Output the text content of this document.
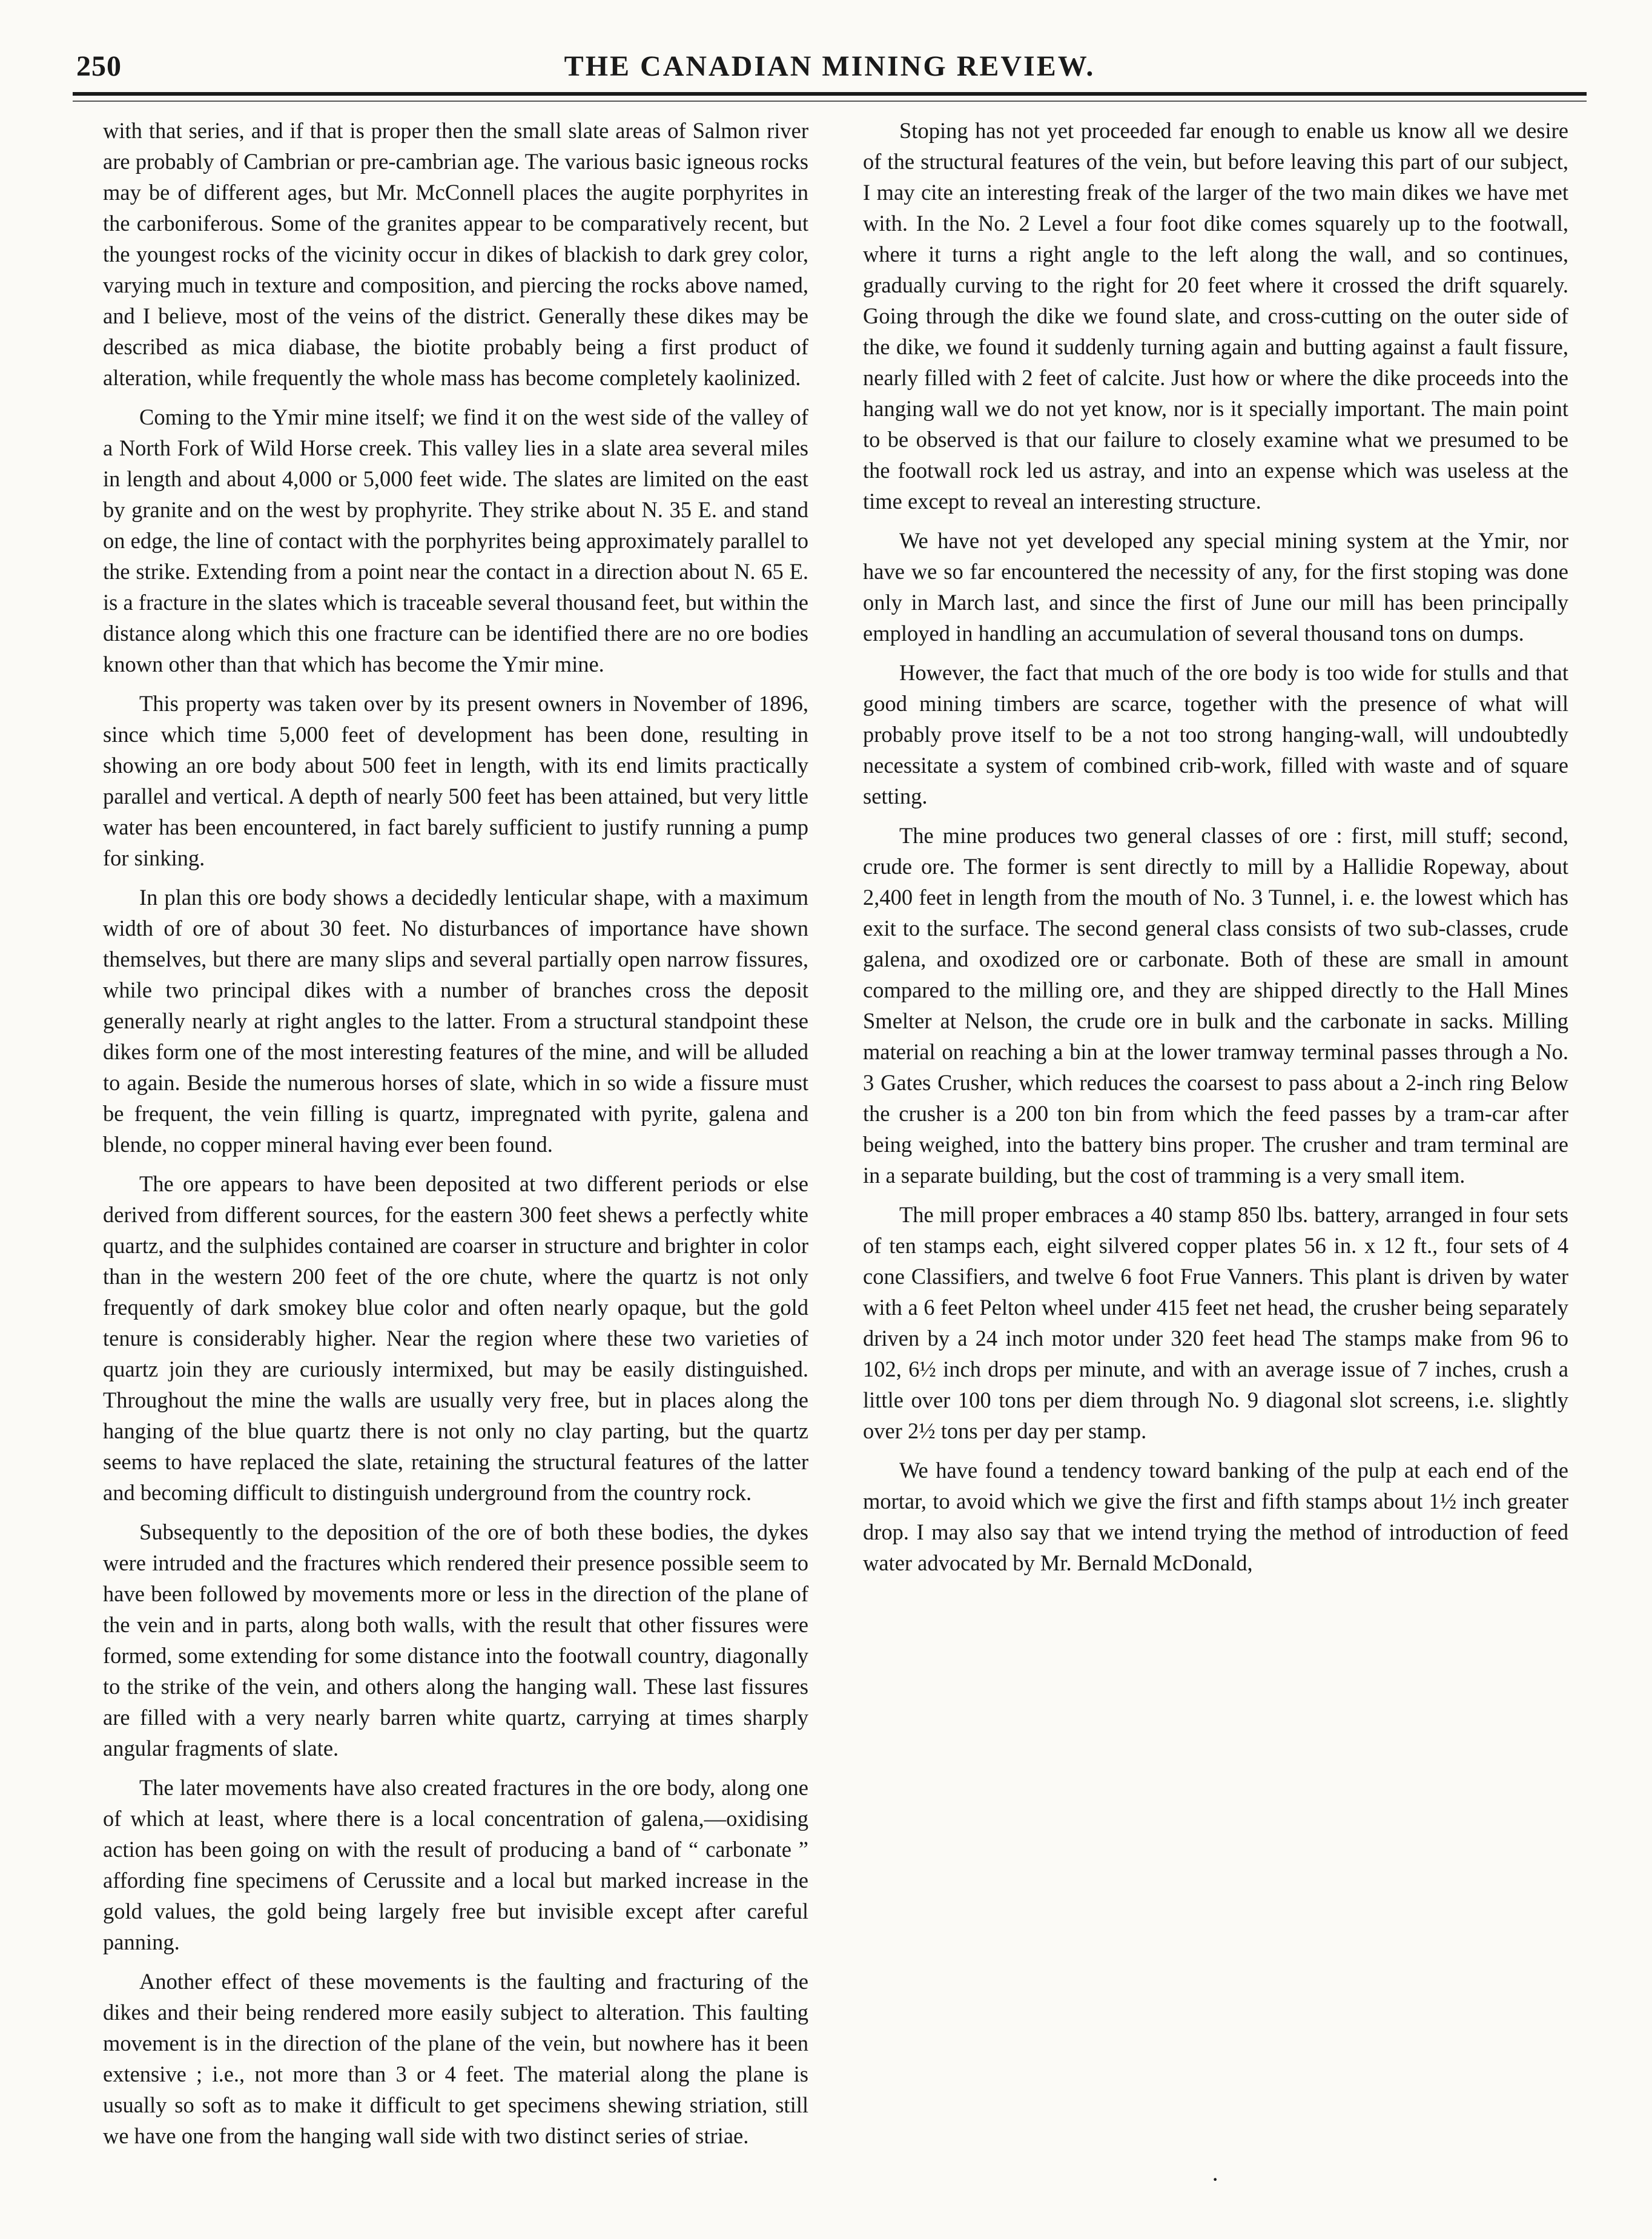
250	THE CANADIAN MINING REVIEW.

with that series, and if that is proper then the small slate areas of Salmon river are probably of Cambrian or pre-cambrian age. The various basic igneous rocks may be of different ages, but Mr. McConnell places the augite porphyrites in the carboniferous. Some of the granites appear to be comparatively recent, but the youngest rocks of the vicinity occur in dikes of blackish to dark grey color, varying much in texture and composition, and piercing the rocks above named, and I believe, most of the veins of the district. Generally these dikes may be described as mica diabase, the biotite probably being a first product of alteration, while frequently the whole mass has become completely kaolinized.

Coming to the Ymir mine itself; we find it on the west side of the valley of a North Fork of Wild Horse creek. This valley lies in a slate area several miles in length and about 4,000 or 5,000 feet wide. The slates are limited on the east by granite and on the west by prophyrite. They strike about N. 35 E. and stand on edge, the line of contact with the porphyrites being approximately parallel to the strike. Extending from a point near the contact in a direction about N. 65 E. is a fracture in the slates which is traceable several thousand feet, but within the distance along which this one fracture can be identified there are no ore bodies known other than that which has become the Ymir mine.

This property was taken over by its present owners in November of 1896, since which time 5,000 feet of development has been done, resulting in showing an ore body about 500 feet in length, with its end limits practically parallel and vertical. A depth of nearly 500 feet has been attained, but very little water has been encountered, in fact barely sufficient to justify running a pump for sinking.

In plan this ore body shows a decidedly lenticular shape, with a maximum width of ore of about 30 feet. No disturbances of importance have shown themselves, but there are many slips and several partially open narrow fissures, while two principal dikes with a number of branches cross the deposit generally nearly at right angles to the latter. From a structural standpoint these dikes form one of the most interesting features of the mine, and will be alluded to again. Beside the numerous horses of slate, which in so wide a fissure must be frequent, the vein filling is quartz, impregnated with pyrite, galena and blende, no copper mineral having ever been found.

The ore appears to have been deposited at two different periods or else derived from different sources, for the eastern 300 feet shews a perfectly white quartz, and the sulphides contained are coarser in structure and brighter in color than in the western 200 feet of the ore chute, where the quartz is not only frequently of dark smokey blue color and often nearly opaque, but the gold tenure is considerably higher. Near the region where these two varieties of quartz join they are curiously intermixed, but may be easily distinguished. Throughout the mine the walls are usually very free, but in places along the hanging of the blue quartz there is not only no clay parting, but the quartz seems to have replaced the slate, retaining the structural features of the latter and becoming difficult to distinguish underground from the country rock.

Subsequently to the deposition of the ore of both these bodies, the dykes were intruded and the fractures which rendered their presence possible seem to have been followed by movements more or less in the direction of the plane of the vein and in parts, along both walls, with the result that other fissures were formed, some extending for some distance into the footwall country, diagonally to the strike of the vein, and others along the hanging wall. These last fissures are filled with a very nearly barren white quartz, carrying at times sharply angular fragments of slate.

The later movements have also created fractures in the ore body, along one of which at least, where there is a local concentration of galena,—oxidising action has been going on with the result of producing a band of “ carbonate ” affording fine specimens of Cerussite and a local but marked increase in the gold values, the gold being largely free but invisible except after careful panning.

Another effect of these movements is the faulting and fracturing of the dikes and their being rendered more easily subject to alteration. This faulting movement is in the direction of the plane of the vein, but nowhere has it been extensive ; i.e., not more than 3 or 4 feet. The material along the plane is usually so soft as to make it difficult to get specimens shewing striation, still we have one from the hanging wall side with two distinct series of striae.

Stoping has not yet proceeded far enough to enable us know all we desire of the structural features of the vein, but before leaving this part of our subject, I may cite an interesting freak of the larger of the two main dikes we have met with. In the No. 2 Level a four foot dike comes squarely up to the footwall, where it turns a right angle to the left along the wall, and so continues, gradually curving to the right for 20 feet where it crossed the drift squarely. Going through the dike we found slate, and cross-cutting on the outer side of the dike, we found it suddenly turning again and butting against a fault fissure, nearly filled with 2 feet of calcite. Just how or where the dike proceeds into the hanging wall we do not yet know, nor is it specially important. The main point to be observed is that our failure to closely examine what we presumed to be the footwall rock led us astray, and into an expense which was useless at the time except to reveal an interesting structure.

We have not yet developed any special mining system at the Ymir, nor have we so far encountered the necessity of any, for the first stoping was done only in March last, and since the first of June our mill has been principally employed in handling an accumulation of several thousand tons on dumps.

However, the fact that much of the ore body is too wide for stulls and that good mining timbers are scarce, together with the presence of what will probably prove itself to be a not too strong hanging-wall, will undoubtedly necessitate a system of combined crib-work, filled with waste and of square setting.

The mine produces two general classes of ore : first, mill stuff; second, crude ore. The former is sent directly to mill by a Hallidie Ropeway, about 2,400 feet in length from the mouth of No. 3 Tunnel, i. e. the lowest which has exit to the surface. The second general class consists of two sub-classes, crude galena, and oxodized ore or carbonate. Both of these are small in amount compared to the milling ore, and they are shipped directly to the Hall Mines Smelter at Nelson, the crude ore in bulk and the carbonate in sacks. Milling material on reaching a bin at the lower tramway terminal passes through a No. 3 Gates Crusher, which reduces the coarsest to pass about a 2-inch ring Below the crusher is a 200 ton bin from which the feed passes by a tram-car after being weighed, into the battery bins proper. The crusher and tram terminal are in a separate building, but the cost of tramming is a very small item.

The mill proper embraces a 40 stamp 850 lbs. battery, arranged in four sets of ten stamps each, eight silvered copper plates 56 in. x 12 ft., four sets of 4 cone Classifiers, and twelve 6 foot Frue Vanners. This plant is driven by water with a 6 feet Pelton wheel under 415 feet net head, the crusher being separately driven by a 24 inch motor under 320 feet head The stamps make from 96 to 102, 6½ inch drops per minute, and with an average issue of 7 inches, crush a little over 100 tons per diem through No. 9 diagonal slot screens, i.e. slightly over 2½ tons per day per stamp.

We have found a tendency toward banking of the pulp at each end of the mortar, to avoid which we give the first and fifth stamps about 1½ inch greater drop. I may also say that we intend trying the method of introduction of feed water advocated by Mr. Bernald McDonald,

·
